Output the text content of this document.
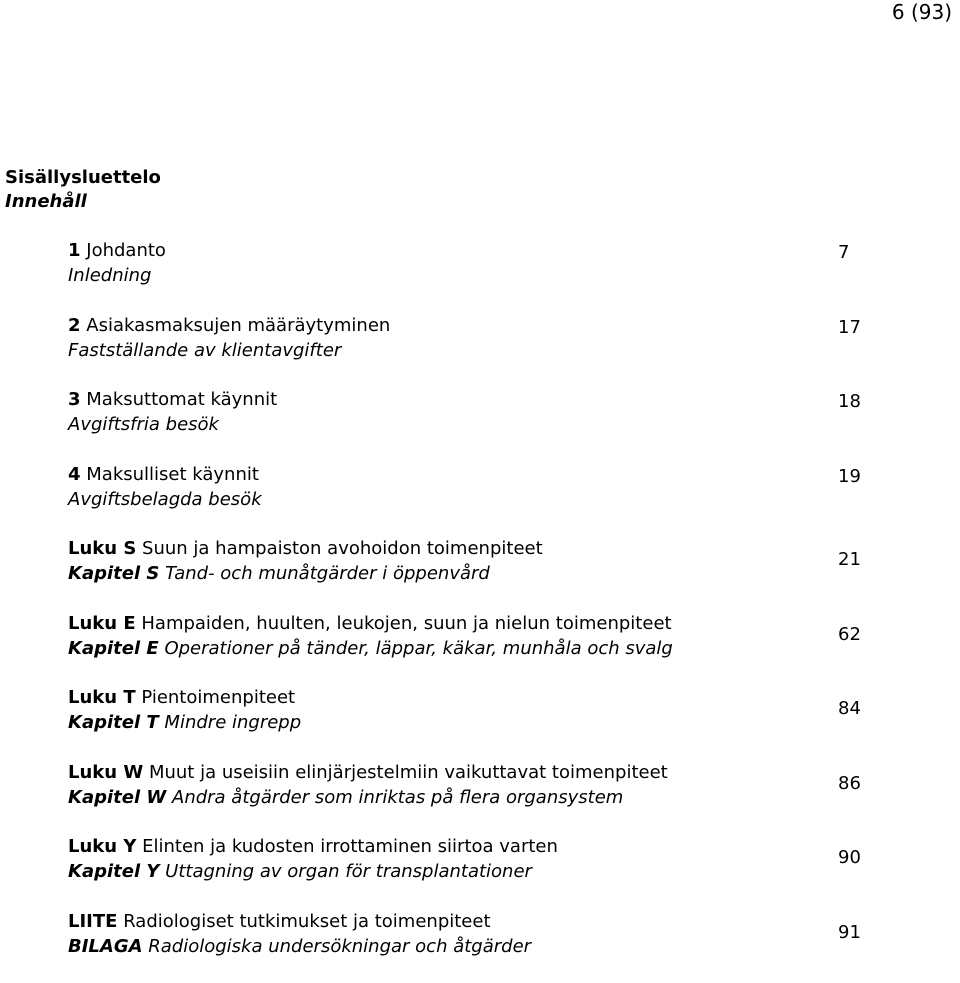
6 (93)
Sisällysluettelo
Innehåll
1 Johdanto
Inledning
7
2 Asiakasmaksujen määräytyminen
Fastställande av klientavgifter
17
3 Maksuttomat käynnit
Avgiftsfria besök
18
4 Maksulliset käynnit
Avgiftsbelagda besök
19
Luku S Suun ja hampaiston avohoidon toimenpiteet
Kapitel S Tand- och munåtgärder i öppenvård
21
Luku E Hampaiden, huulten, leukojen, suun ja nielun toimenpiteet
Kapitel E Operationer på tänder, läppar, käkar, munhåla och svalg
62
Luku T Pientoimenpiteet
Kapitel T Mindre ingrepp
84
Luku W Muut ja useisiin elinjärjestelmiin vaikuttavat toimenpiteet
Kapitel W Andra åtgärder som inriktas på flera organsystem
86
Luku Y Elinten ja kudosten irrottaminen siirtoa varten
Kapitel Y Uttagning av organ för transplantationer
90
LIITE Radiologiset tutkimukset ja toimenpiteet
BILAGA Radiologiska undersökningar och åtgärder
91
